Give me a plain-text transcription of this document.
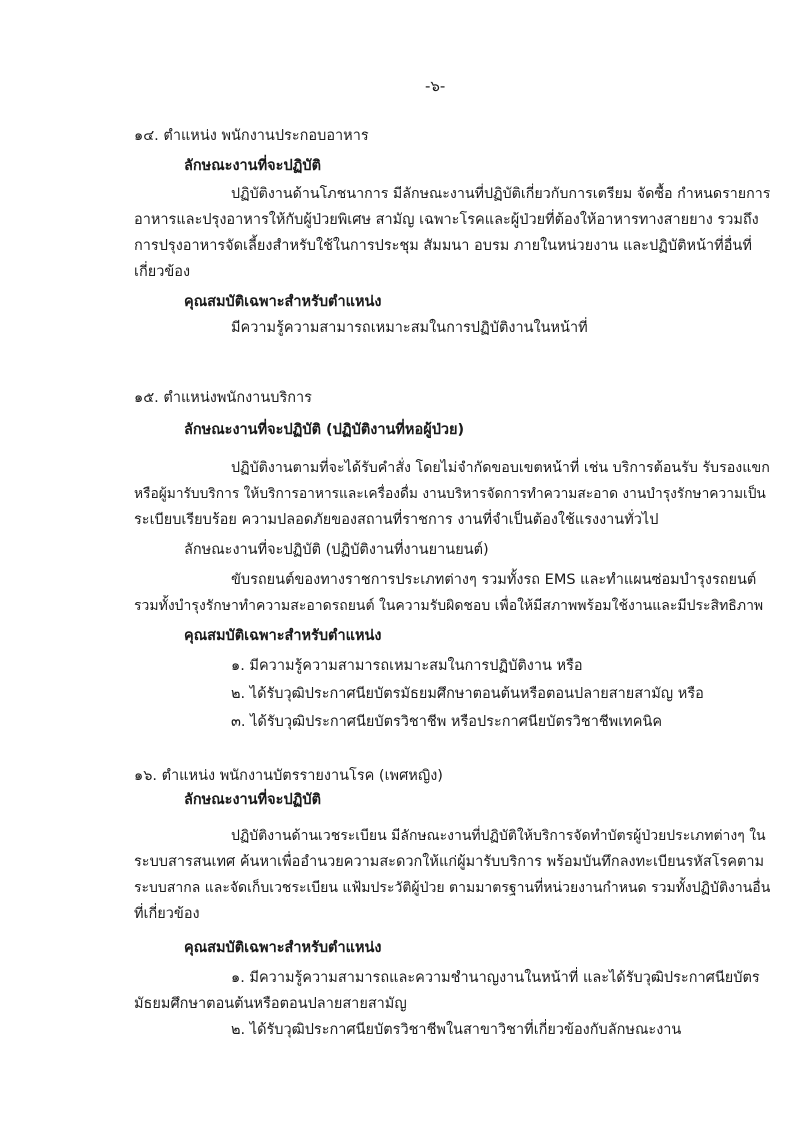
-๖-
๑๔. ตำแหน่ง พนักงานประกอบอาหาร
ลักษณะงานที่จะปฏิบัติ
ปฏิบัติงานด้านโภชนาการ มีลักษณะงานที่ปฏิบัติเกี่ยวกับการเตรียม จัดซื้อ กำหนดรายการ
อาหารและปรุงอาหารให้กับผู้ป่วยพิเศษ สามัญ เฉพาะโรคและผู้ป่วยที่ต้องให้อาหารทางสายยาง รวมถึง
การปรุงอาหารจัดเลี้ยงสำหรับใช้ในการประชุม สัมมนา อบรม ภายในหน่วยงาน และปฏิบัติหน้าที่อื่นที่
เกี่ยวข้อง
คุณสมบัติเฉพาะสำหรับตำแหน่ง
มีความรู้ความสามารถเหมาะสมในการปฏิบัติงานในหน้าที่
๑๕. ตำแหน่งพนักงานบริการ
ลักษณะงานที่จะปฏิบัติ (ปฏิบัติงานที่หอผู้ป่วย)
ปฏิบัติงานตามที่จะได้รับคำสั่ง โดยไม่จำกัดขอบเขตหน้าที่ เช่น บริการต้อนรับ รับรองแขก
หรือผู้มารับบริการ ให้บริการอาหารและเครื่องดื่ม งานบริหารจัดการทำความสะอาด งานบำรุงรักษาความเป็น
ระเบียบเรียบร้อย ความปลอดภัยของสถานที่ราชการ งานที่จำเป็นต้องใช้แรงงานทั่วไป
ลักษณะงานที่จะปฏิบัติ (ปฏิบัติงานที่งานยานยนต์)
ขับรถยนต์ของทางราชการประเภทต่างๆ รวมทั้งรถ EMS และทำแผนซ่อมบำรุงรถยนต์
รวมทั้งบำรุงรักษาทำความสะอาดรถยนต์ ในความรับผิดชอบ เพื่อให้มีสภาพพร้อมใช้งานและมีประสิทธิภาพ
คุณสมบัติเฉพาะสำหรับตำแหน่ง
๑. มีความรู้ความสามารถเหมาะสมในการปฏิบัติงาน หรือ
๒. ได้รับวุฒิประกาศนียบัตรมัธยมศึกษาตอนต้นหรือตอนปลายสายสามัญ หรือ
๓. ได้รับวุฒิประกาศนียบัตรวิชาชีพ หรือประกาศนียบัตรวิชาชีพเทคนิค
๑๖. ตำแหน่ง พนักงานบัตรรายงานโรค (เพศหญิง)
ลักษณะงานที่จะปฏิบัติ
ปฏิบัติงานด้านเวชระเบียน มีลักษณะงานที่ปฏิบัติให้บริการจัดทำบัตรผู้ป่วยประเภทต่างๆ ใน
ระบบสารสนเทศ ค้นหาเพื่ออำนวยความสะดวกให้แก่ผู้มารับบริการ พร้อมบันทึกลงทะเบียนรหัสโรคตาม
ระบบสากล และจัดเก็บเวชระเบียน แฟ้มประวัติผู้ป่วย ตามมาตรฐานที่หน่วยงานกำหนด รวมทั้งปฏิบัติงานอื่น
ที่เกี่ยวข้อง
คุณสมบัติเฉพาะสำหรับตำแหน่ง
๑. มีความรู้ความสามารถและความชำนาญงานในหน้าที่ และได้รับวุฒิประกาศนียบัตร
มัธยมศึกษาตอนต้นหรือตอนปลายสายสามัญ
๒. ได้รับวุฒิประกาศนียบัตรวิชาชีพในสาขาวิชาที่เกี่ยวข้องกับลักษณะงาน
